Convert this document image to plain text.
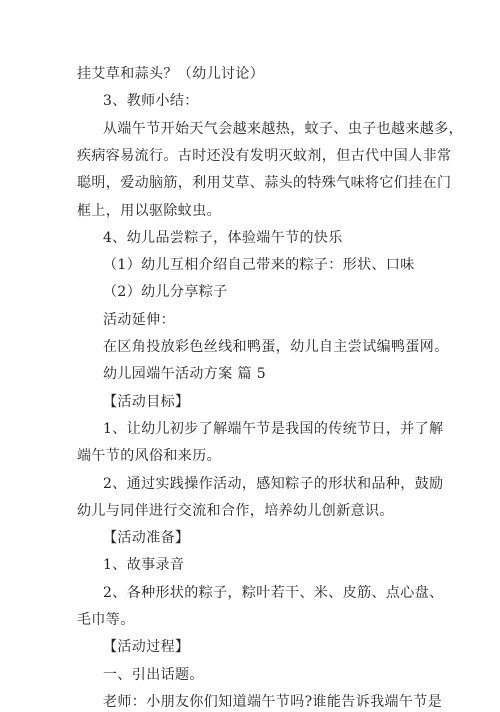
挂艾草和蒜头？（幼儿讨论）
3、教师小结：
从端午节开始天气会越来越热，蚊子、虫子也越来越多，
疾病容易流行。古时还没有发明灭蚊剂，但古代中国人非常
聪明，爱动脑筋，利用艾草、蒜头的特殊气味将它们挂在门
框上，用以驱除蚊虫。
4、幼儿品尝粽子，体验端午节的快乐
（1）幼儿互相介绍自己带来的粽子：形状、口味
（2）幼儿分享粽子
活动延伸：
在区角投放彩色丝线和鸭蛋，幼儿自主尝试编鸭蛋网。
幼儿园端午活动方案 篇 5
【活动目标】
1、让幼儿初步了解端午节是我国的传统节日，并了解
端午节的风俗和来历。
2、通过实践操作活动，感知粽子的形状和品种，鼓励
幼儿与同伴进行交流和合作，培养幼儿创新意识。
【活动准备】
1、故事录音
2、各种形状的粽子，粽叶若干、米、皮筋、点心盘、
毛巾等。
【活动过程】
一、引出话题。
老师：小朋友你们知道端午节吗?谁能告诉我端午节是
